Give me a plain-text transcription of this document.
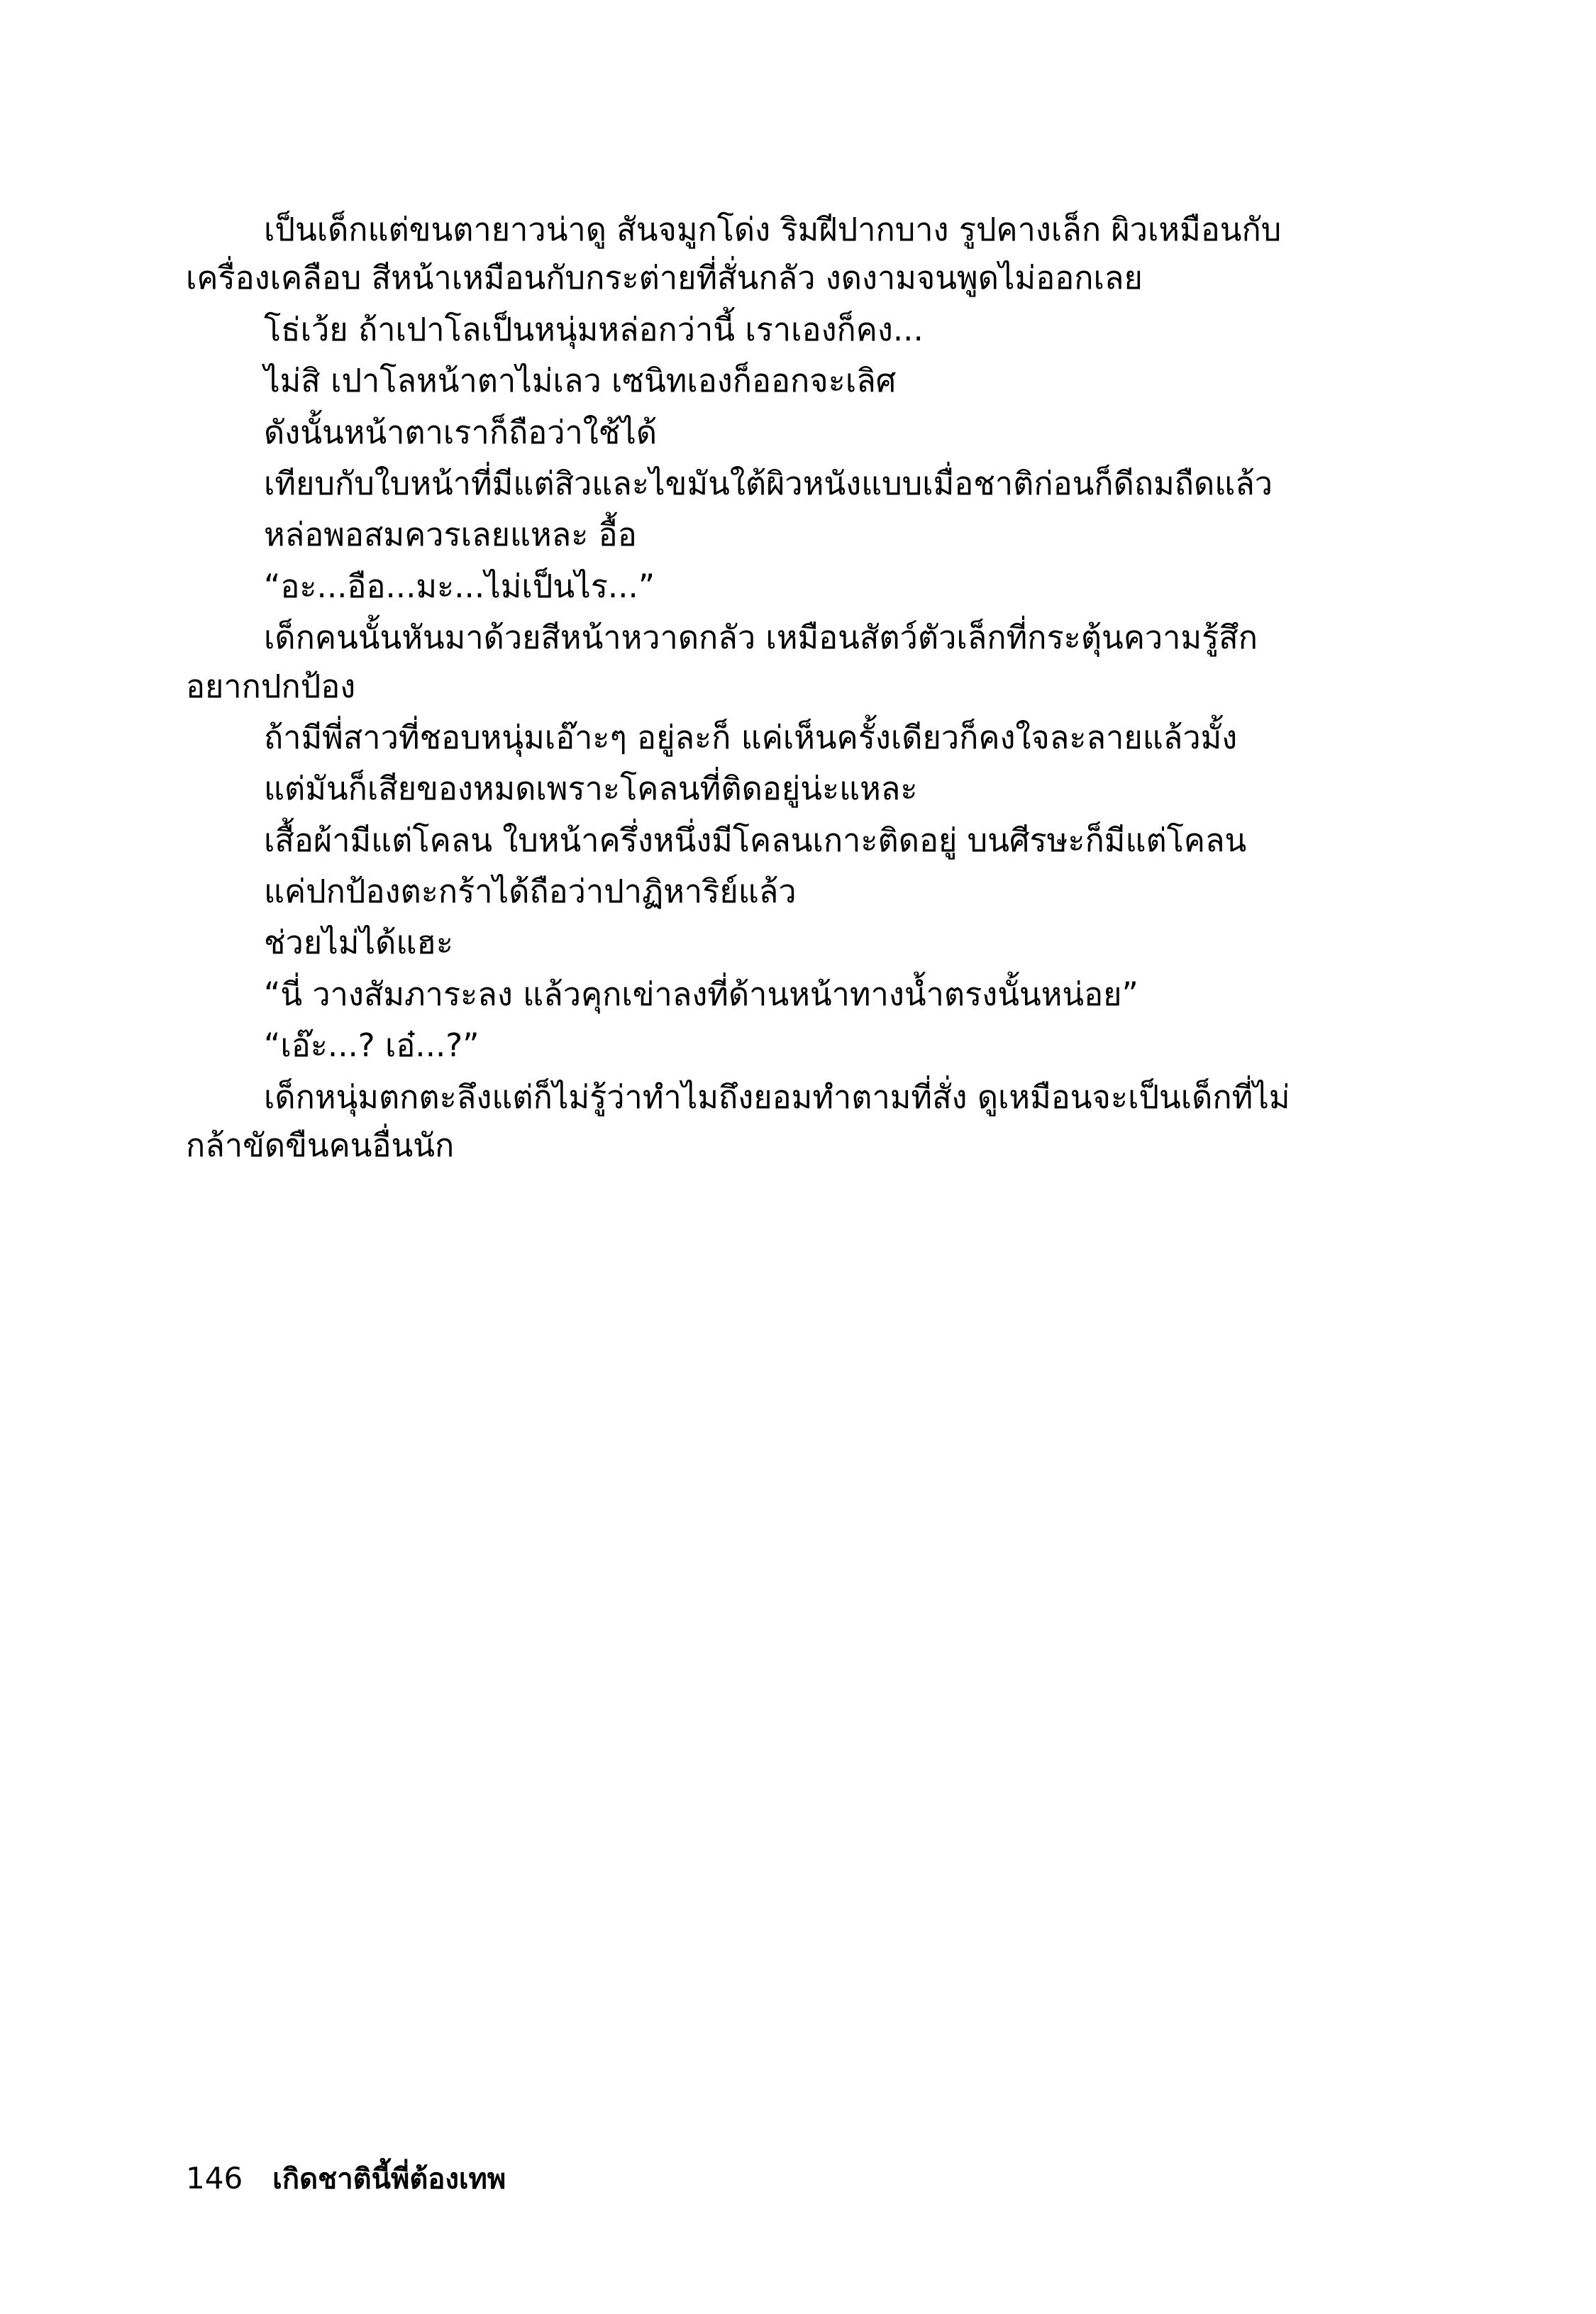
เป็นเด็กแต่ขนตายาวน่าดู สันจมูกโด่ง ริมฝีปากบาง รูปคางเล็ก ผิวเหมือนกับเครื่องเคลือบ สีหน้าเหมือนกับกระต่ายที่สั่นกลัว งดงามจนพูดไม่ออกเลย

โธ่เว้ย ถ้าเปาโลเป็นหนุ่มหล่อกว่านี้ เราเองก็คง...

ไม่สิ เปาโลหน้าตาไม่เลว เซนิทเองก็ออกจะเลิศ

ดังนั้นหน้าตาเราก็ถือว่าใช้ได้

เทียบกับใบหน้าที่มีแต่สิวและไขมันใต้ผิวหนังแบบเมื่อชาติก่อนก็ดีถมถืดแล้ว

หล่อพอสมควรเลยแหละ อื้อ

“อะ...อือ...มะ...ไม่เป็นไร...”

เด็กคนนั้นหันมาด้วยสีหน้าหวาดกลัว เหมือนสัตว์ตัวเล็กที่กระตุ้นความรู้สึกอยากปกป้อง

ถ้ามีพี่สาวที่ชอบหนุ่มเอ๊าะๆ อยู่ละก็ แค่เห็นครั้งเดียวก็คงใจละลายแล้วมั้ง

แต่มันก็เสียของหมดเพราะโคลนที่ติดอยู่น่ะแหละ

เสื้อผ้ามีแต่โคลน ใบหน้าครึ่งหนึ่งมีโคลนเกาะติดอยู่ บนศีรษะก็มีแต่โคลน

แค่ปกป้องตะกร้าได้ถือว่าปาฏิหาริย์แล้ว

ช่วยไม่ได้แฮะ

“นี่ วางสัมภาระลง แล้วคุกเข่าลงที่ด้านหน้าทางน้ำตรงนั้นหน่อย”

“เอ๊ะ...? เอ๋...?”

เด็กหนุ่มตกตะลึงแต่ก็ไม่รู้ว่าทำไมถึงยอมทำตามที่สั่ง ดูเหมือนจะเป็นเด็กที่ไม่กล้าขัดขืนคนอื่นนัก

146 เกิดชาตินี้พี่ต้องเทพ
